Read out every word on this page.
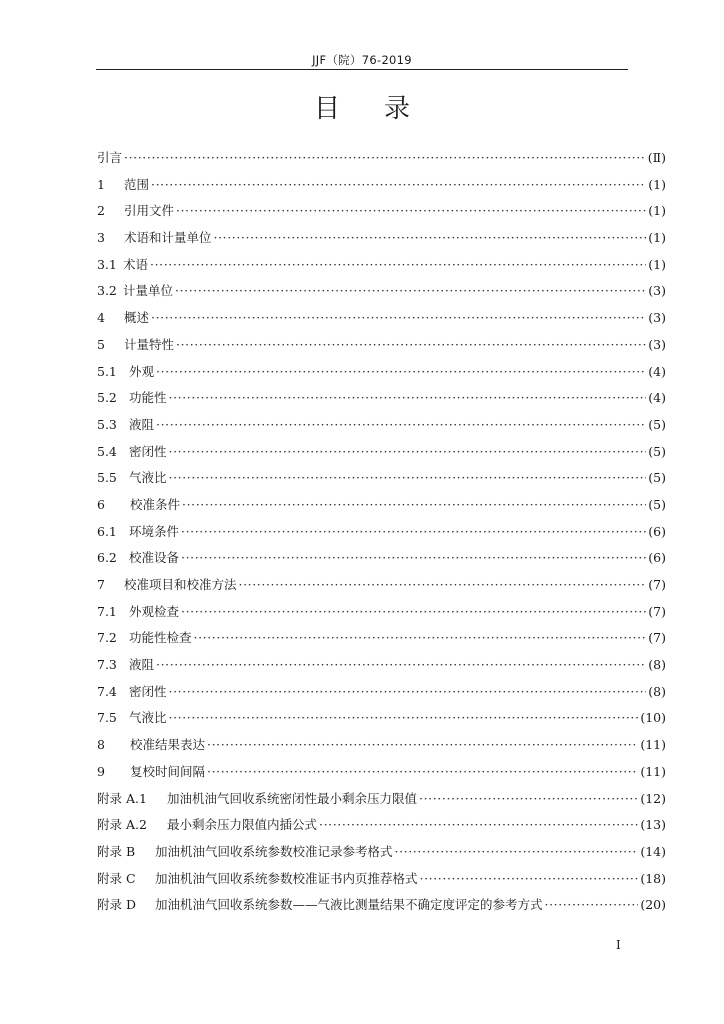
JJF（院）76-2019
目录
引言 ·····	(Ⅱ)
1	范围 ·····	(1)
2	引用文件 ·····	(1)
3	术语和计量单位 ·····	(1)
3.1 术语 ·····	(1)
3.2 计量单位 ·····	(3)
4	概述 ·····	(3)
5	计量特性 ·····	(3)
5.1 外观 ·····	(4)
5.2 功能性 ·····	(4)
5.3 液阻 ·····	(5)
5.4 密闭性 ·····	(5)
5.5 气液比 ·····	(5)
6	校准条件 ·····	(5)
6.1 环境条件 ·····	(6)
6.2 校准设备 ·····	(6)
7	校准项目和校准方法 ·····	(7)
7.1 外观检查 ·····	(7)
7.2 功能性检查 ·····	(7)
7.3 液阻 ·····	(8)
7.4 密闭性 ·····	(8)
7.5 气液比 ·····	(10)
8	校准结果表达 ·····	(11)
9	复校时间间隔 ·····	(11)
附录 A.1	加油机油气回收系统密闭性最小剩余压力限值 ·····	(12)
附录 A.2	最小剩余压力限值内插公式 ·····	(13)
附录 B	加油机油气回收系统参数校准记录参考格式 ·····	(14)
附录 C	加油机油气回收系统参数校准证书内页推荐格式 ·····	(18)
附录 D	加油机油气回收系统参数——气液比测量结果不确定度评定的参考方式 ·····	(20)
I
